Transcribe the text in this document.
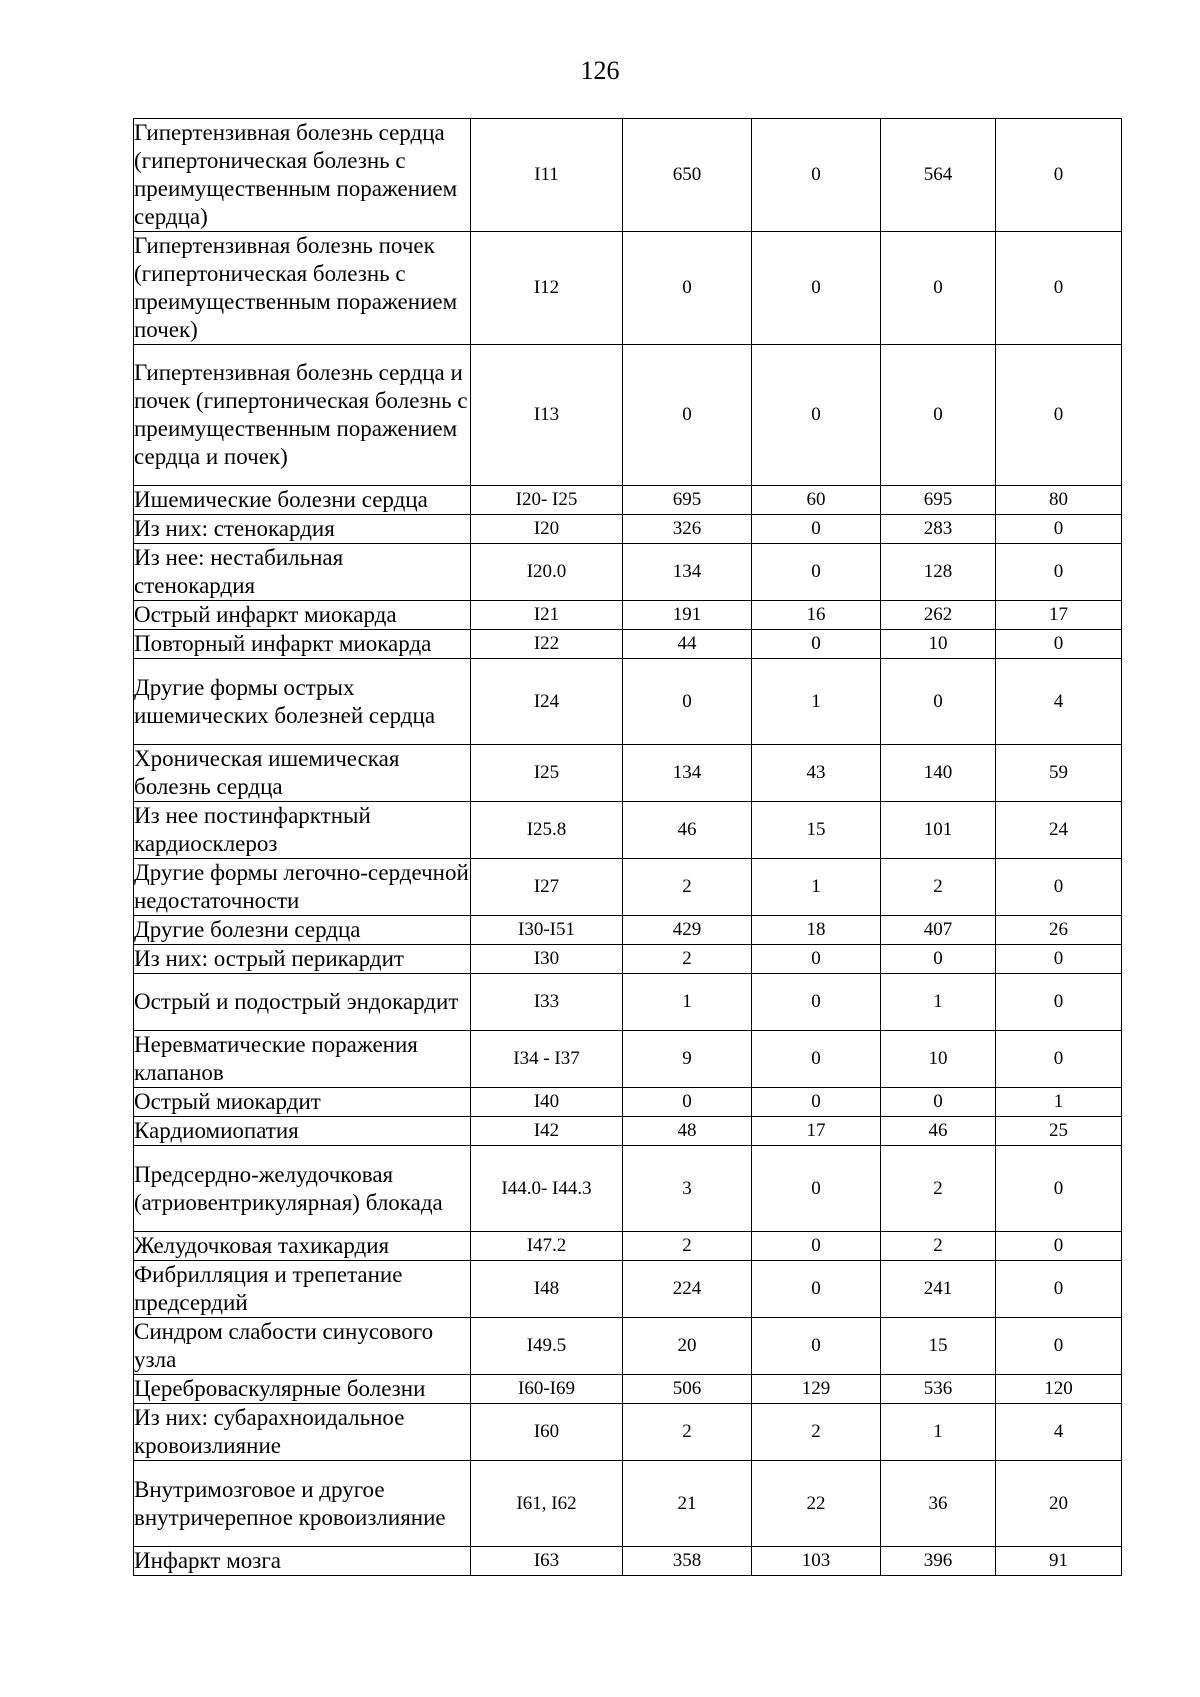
126
Гипертензивная болезнь сердца (гипертоническая болезнь с преимущественным поражением сердца)	I11	650	0	564	0
Гипертензивная болезнь почек (гипертоническая болезнь с преимущественным поражением почек)	I12	0	0	0	0
Гипертензивная болезнь сердца и почек (гипертоническая болезнь с преимущественным поражением сердца и почек)	I13	0	0	0	0
Ишемические болезни сердца	I20- I25	695	60	695	80
Из них: стенокардия	I20	326	0	283	0
Из нее: нестабильная стенокардия	I20.0	134	0	128	0
Острый инфаркт миокарда	I21	191	16	262	17
Повторный инфаркт миокарда	I22	44	0	10	0
Другие формы острых ишемических болезней сердца	I24	0	1	0	4
Хроническая ишемическая болезнь сердца	I25	134	43	140	59
Из нее постинфарктный кардиосклероз	I25.8	46	15	101	24
Другие формы легочно-сердечной недостаточности	I27	2	1	2	0
Другие болезни сердца	I30-I51	429	18	407	26
Из них: острый перикардит	I30	2	0	0	0
Острый и подострый эндокардит	I33	1	0	1	0
Неревматические поражения клапанов	I34 - I37	9	0	10	0
Острый миокардит	I40	0	0	0	1
Кардиомиопатия	I42	48	17	46	25
Предсердно-желудочковая (атриовентрикулярная) блокада	I44.0- I44.3	3	0	2	0
Желудочковая тахикардия	I47.2	2	0	2	0
Фибрилляция и трепетание предсердий	I48	224	0	241	0
Синдром слабости синусового узла	I49.5	20	0	15	0
Цереброваскулярные болезни	I60-I69	506	129	536	120
Из них: субарахноидальное кровоизлияние	I60	2	2	1	4
Внутримозговое и другое внутричерепное кровоизлияние	I61, I62	21	22	36	20
Инфаркт мозга	I63	358	103	396	91
